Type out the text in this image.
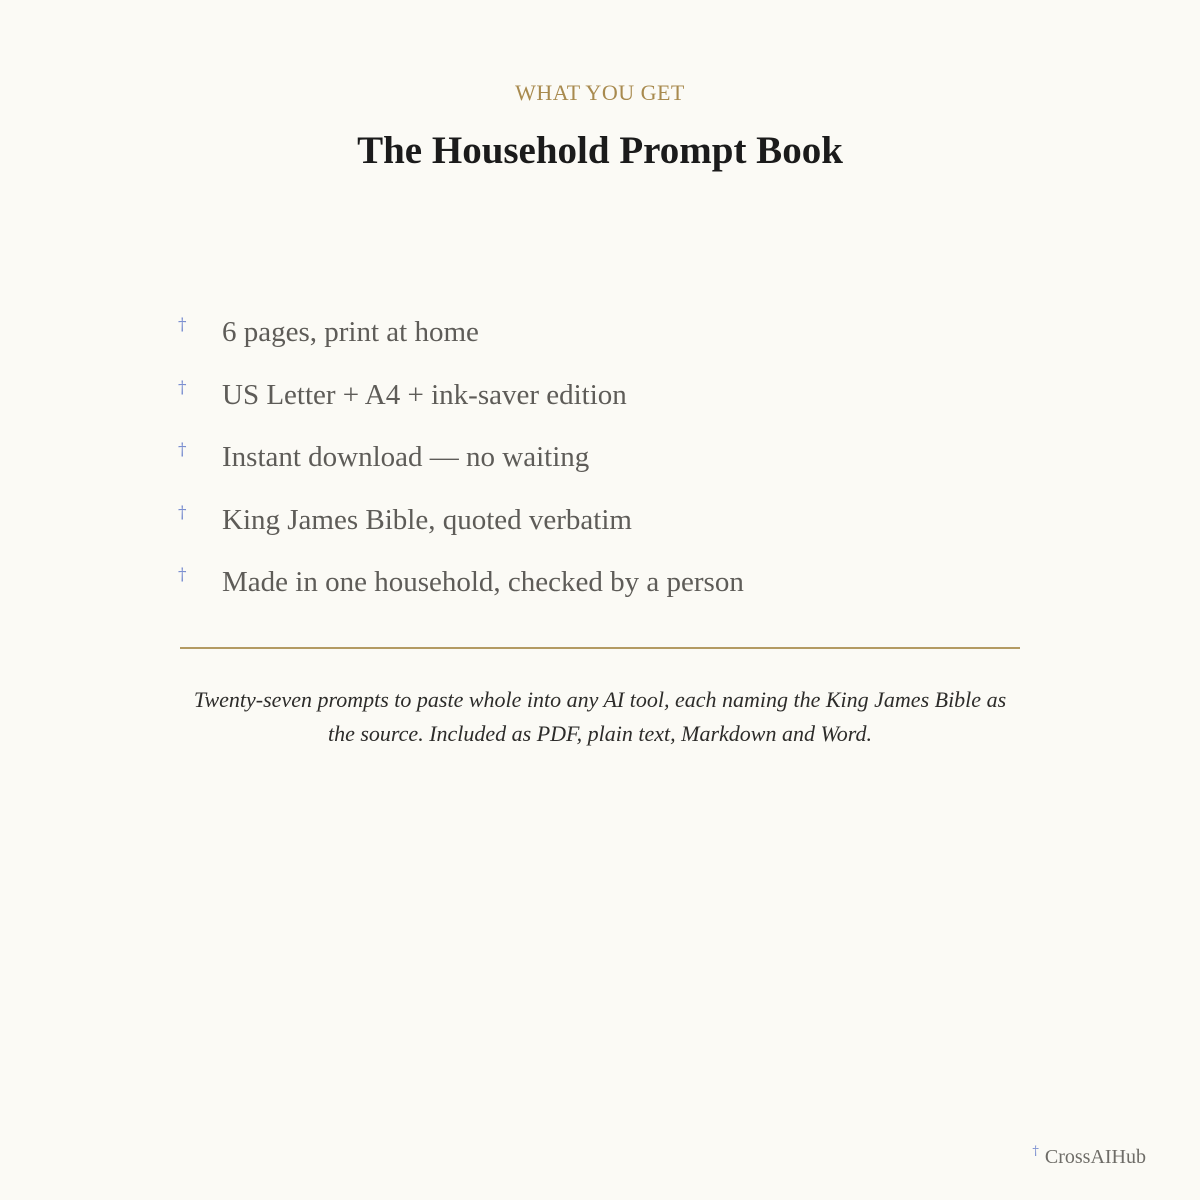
WHAT YOU GET
The Household Prompt Book
† 6 pages, print at home
† US Letter + A4 + ink-saver edition
† Instant download — no waiting
† King James Bible, quoted verbatim
† Made in one household, checked by a person

Twenty-seven prompts to paste whole into any AI tool, each naming the King James Bible as the source. Included as PDF, plain text, Markdown and Word.

† CrossAIHub
